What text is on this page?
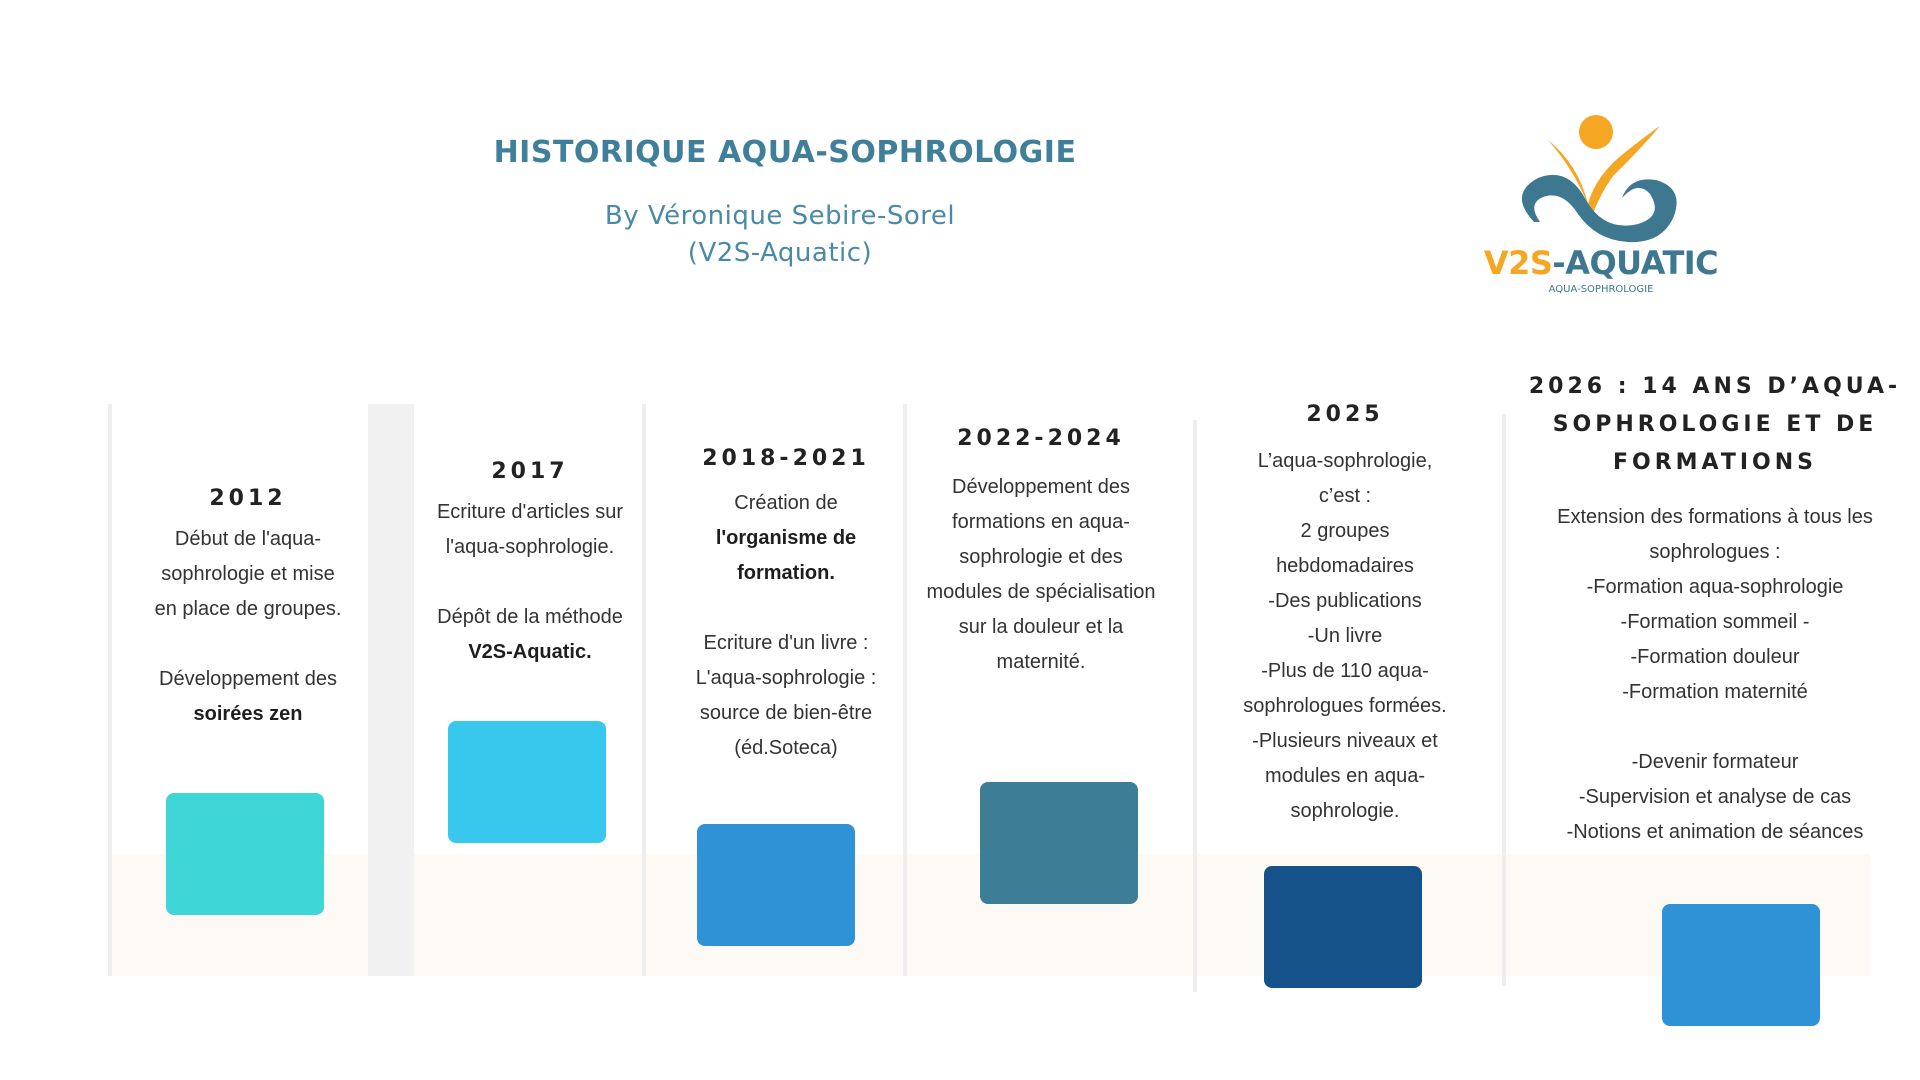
HISTORIQUE AQUA-SOPHROLOGIE
By Véronique Sebire-Sorel
(V2S-Aquatic)	V2S-AQUATIC
AQUA-SOPHROLOGIE
2012

Début de l'aqua-

sophrologie et mise

en place de groupes.

Développement des

soirées zen

2017

Ecriture d'articles sur

l'aqua-sophrologie.

Dépôt de la méthode

V2S-Aquatic.

2018-2021

Création de

l'organisme de

formation.

Ecriture d'un livre :

L'aqua-sophrologie :

source de bien-être

(éd.Soteca)

2022-2024

Développement des

formations en aqua-

sophrologie et des

modules de spécialisation

sur la douleur et la

maternité.

2025

L’aqua-sophrologie,

c’est :

2 groupes

hebdomadaires

-Des publications

-Un livre

-Plus de 110 aqua-

sophrologues formées.

-Plusieurs niveaux et

modules en aqua-

sophrologie.

2026 : 14 ANS D’AQUA-
SOPHROLOGIE ET DE
FORMATIONS

Extension des formations à tous les

sophrologues :

-Formation aqua-sophrologie

-Formation sommeil -

-Formation douleur

-Formation maternité

-Devenir formateur

-Supervision et analyse de cas

-Notions et animation de séances
